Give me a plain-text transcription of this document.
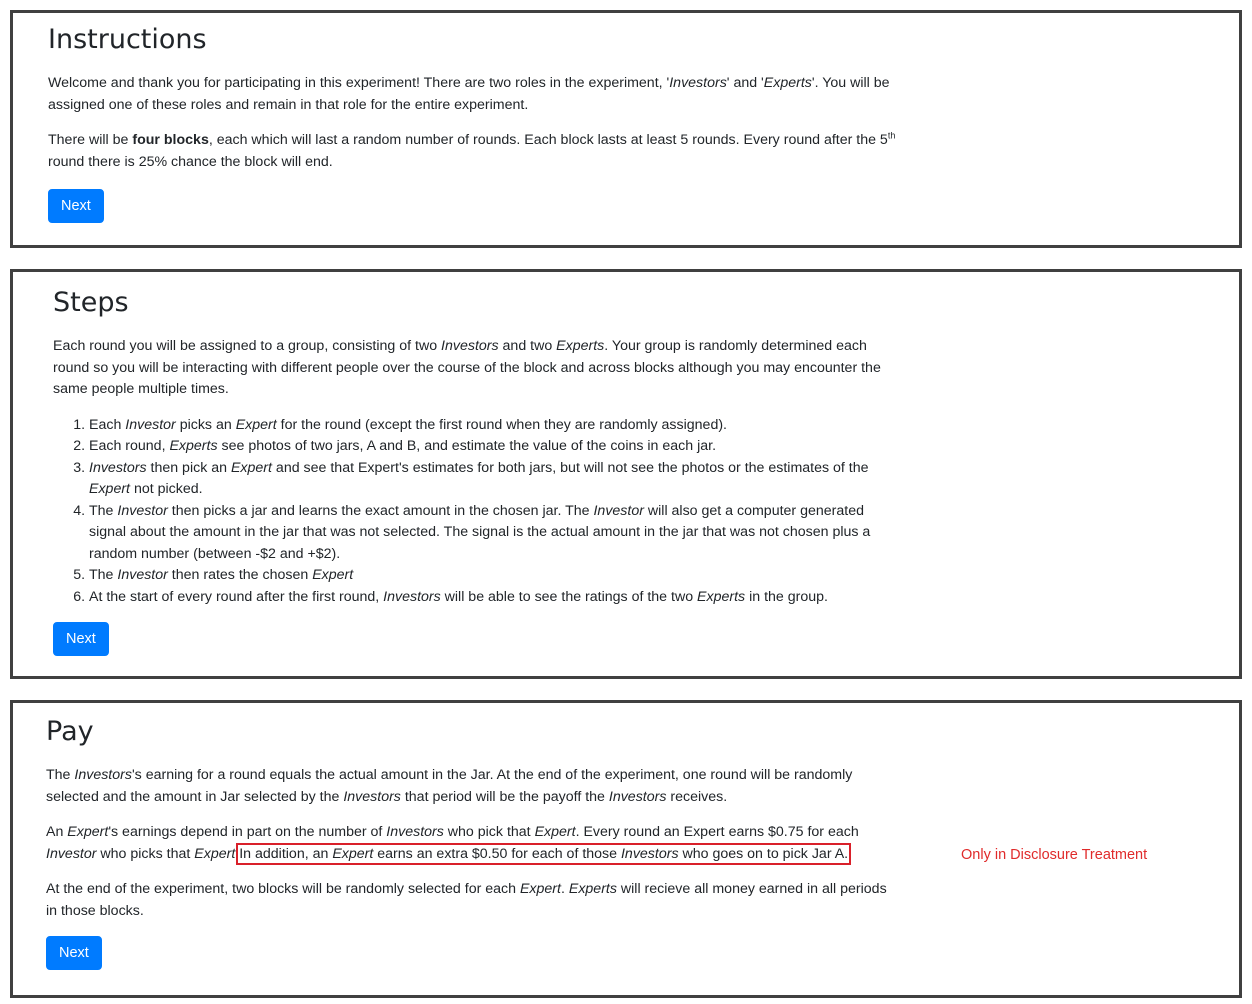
Instructions

Welcome and thank you for participating in this experiment! There are two roles in the experiment, 'Investors' and 'Experts'. You will be assigned one of these roles and remain in that role for the entire experiment.

There will be four blocks, each which will last a random number of rounds. Each block lasts at least 5 rounds. Every round after the 5th round there is 25% chance the block will end.

Next
Steps

Each round you will be assigned to a group, consisting of two Investors and two Experts. Your group is randomly determined each round so you will be interacting with different people over the course of the block and across blocks although you may encounter the same people multiple times.

1. Each Investor picks an Expert for the round (except the first round when they are randomly assigned).
2. Each round, Experts see photos of two jars, A and B, and estimate the value of the coins in each jar.
3. Investors then pick an Expert and see that Expert's estimates for both jars, but will not see the photos or the estimates of the Expert not picked.
4. The Investor then picks a jar and learns the exact amount in the chosen jar. The Investor will also get a computer generated signal about the amount in the jar that was not selected. The signal is the actual amount in the jar that was not chosen plus a random number (between -$2 and +$2).
5. The Investor then rates the chosen Expert
6. At the start of every round after the first round, Investors will be able to see the ratings of the two Experts in the group.
Next
Pay

The Investors's earning for a round equals the actual amount in the Jar. At the end of the experiment, one round will be randomly selected and the amount in Jar selected by the Investors that period will be the payoff the Investors receives.

An Expert's earnings depend in part on the number of Investors who pick that Expert. Every round an Expert earns $0.75 for each Investor who picks that Expert.In addition, an Expert earns an extra $0.50 for each of those Investors who goes on to pick Jar A.

At the end of the experiment, two blocks will be randomly selected for each Expert. Experts will recieve all money earned in all periods in those blocks.

Next
Only in Disclosure Treatment
